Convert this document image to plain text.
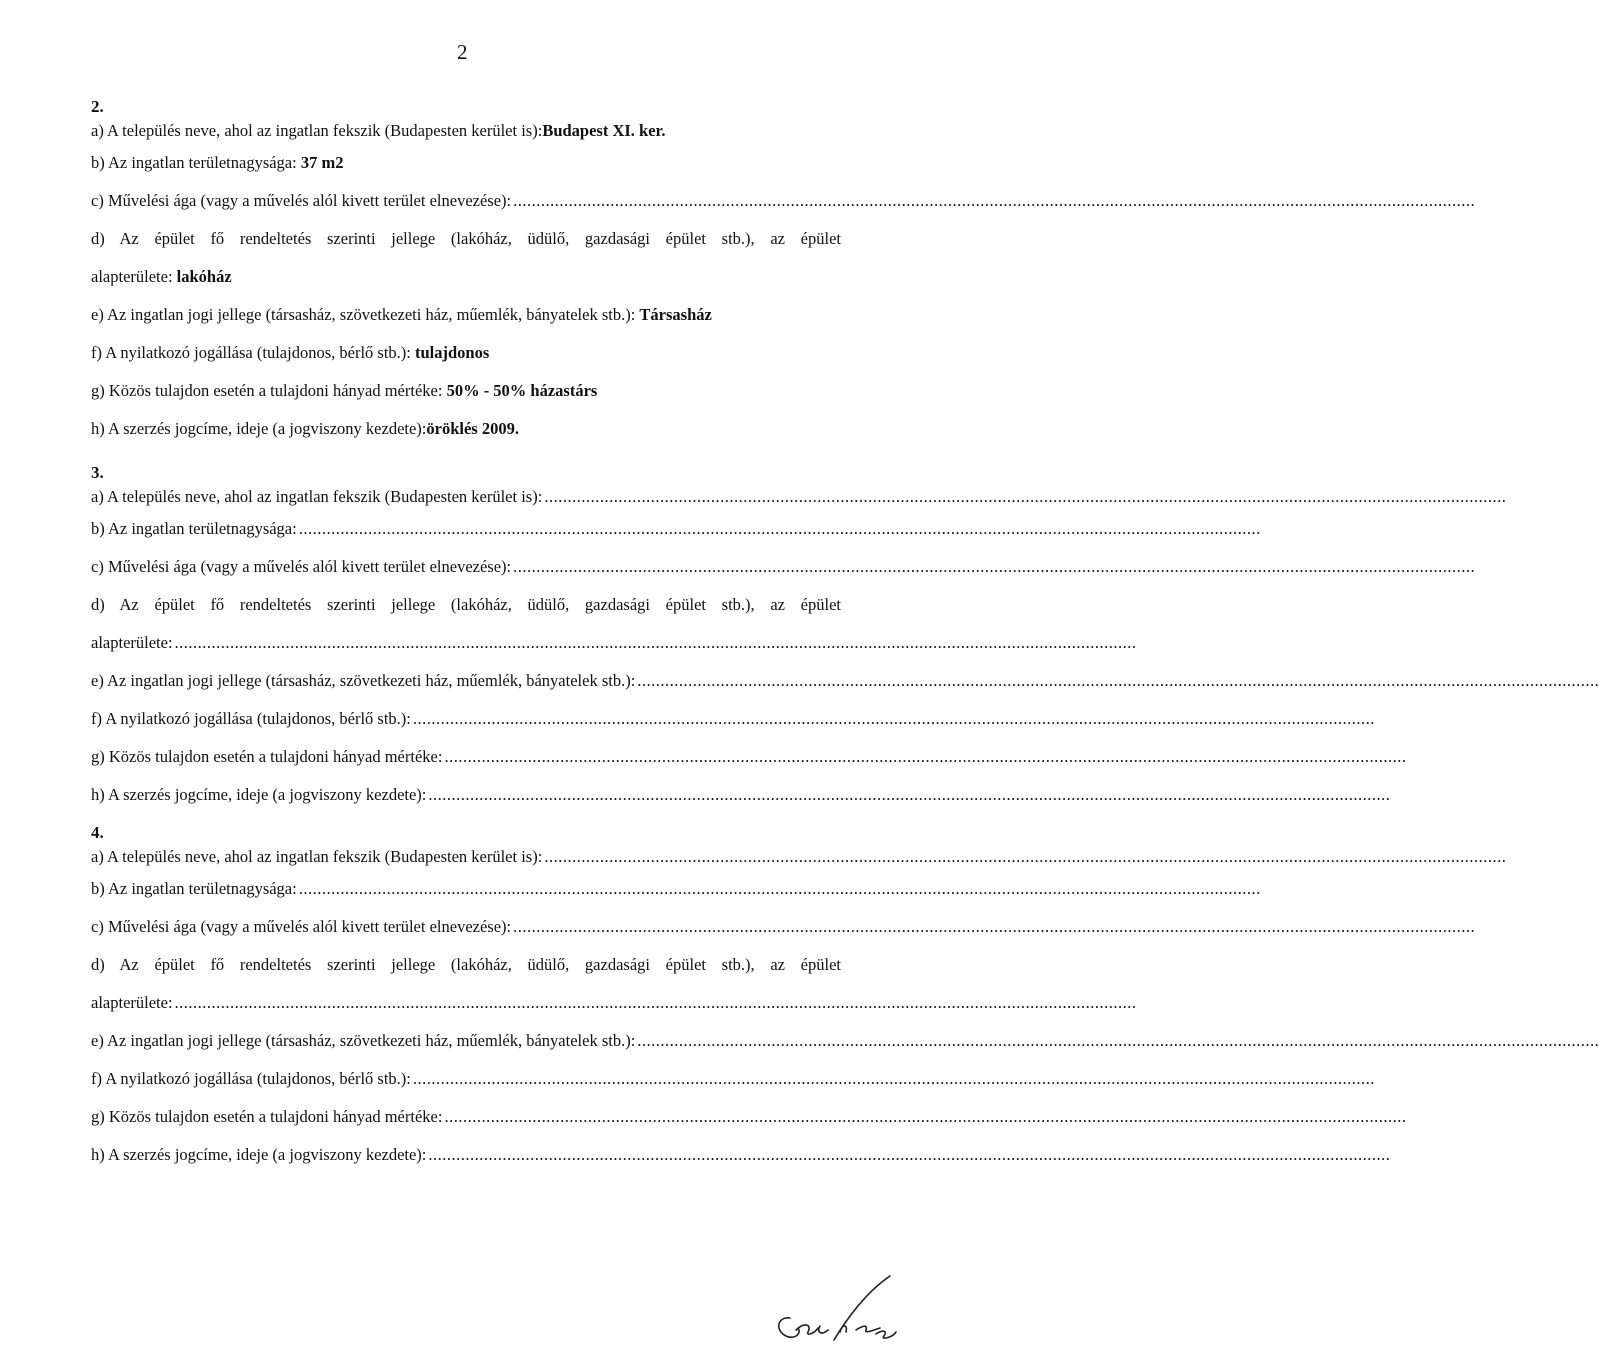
2
2.
a) A település neve, ahol az ingatlan fekszik (Budapesten kerület is):Budapest XI. ker.
b) Az ingatlan területnagysága: 37 m2
c) Művelési ága (vagy a művelés alól kivett terület elnevezése): ................................................................................................................................................................................................................
d) Az épület fő rendeltetés szerinti jellege (lakóház, üdülő, gazdasági épület stb.), az épület
alapterülete: lakóház
e) Az ingatlan jogi jellege (társasház, szövetkezeti ház, műemlék, bányatelek stb.): Társasház
f) A nyilatkozó jogállása (tulajdonos, bérlő stb.): tulajdonos
g) Közös tulajdon esetén a tulajdoni hányad mértéke: 50% - 50% házastárs
h) A szerzés jogcíme, ideje (a jogviszony kezdete):öröklés 2009.
3.
a) A település neve, ahol az ingatlan fekszik (Budapesten kerület is): ................................................................................................................................................................................................................
b) Az ingatlan területnagysága: ................................................................................................................................................................................................................
c) Művelési ága (vagy a művelés alól kivett terület elnevezése): ................................................................................................................................................................................................................
d) Az épület fő rendeltetés szerinti jellege (lakóház, üdülő, gazdasági épület stb.), az épület
alapterülete: ................................................................................................................................................................................................................
e) Az ingatlan jogi jellege (társasház, szövetkezeti ház, műemlék, bányatelek stb.): ................................................................................................................................................................................................................
f) A nyilatkozó jogállása (tulajdonos, bérlő stb.): ................................................................................................................................................................................................................
g) Közös tulajdon esetén a tulajdoni hányad mértéke: ................................................................................................................................................................................................................
h) A szerzés jogcíme, ideje (a jogviszony kezdete): ................................................................................................................................................................................................................
4.
a) A település neve, ahol az ingatlan fekszik (Budapesten kerület is): ................................................................................................................................................................................................................
b) Az ingatlan területnagysága: ................................................................................................................................................................................................................
c) Művelési ága (vagy a művelés alól kivett terület elnevezése): ................................................................................................................................................................................................................
d) Az épület fő rendeltetés szerinti jellege (lakóház, üdülő, gazdasági épület stb.), az épület
alapterülete: ................................................................................................................................................................................................................
e) Az ingatlan jogi jellege (társasház, szövetkezeti ház, műemlék, bányatelek stb.): ................................................................................................................................................................................................................
f) A nyilatkozó jogállása (tulajdonos, bérlő stb.): ................................................................................................................................................................................................................
g) Közös tulajdon esetén a tulajdoni hányad mértéke: ................................................................................................................................................................................................................
h) A szerzés jogcíme, ideje (a jogviszony kezdete): ................................................................................................................................................................................................................
